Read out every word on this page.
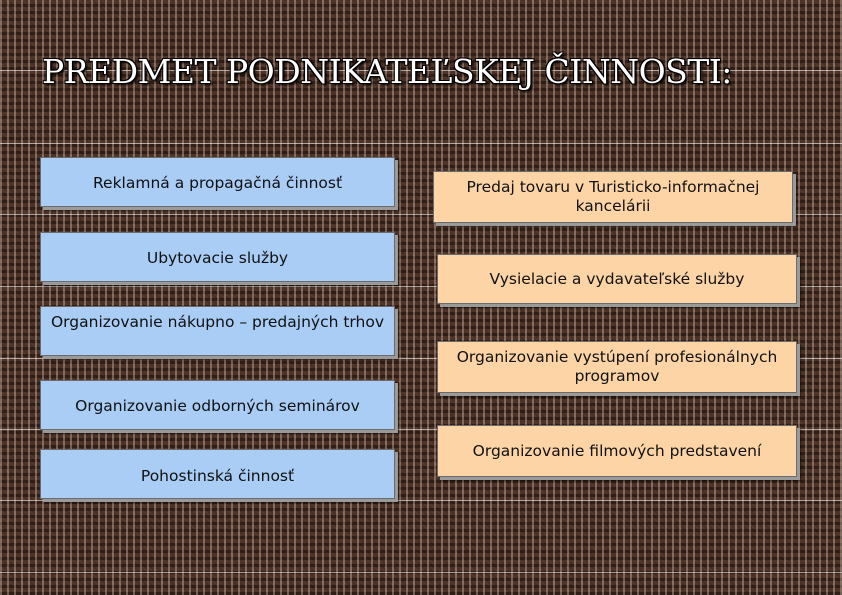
PREDMET PODNIKATEĽSKEJ ČINNOSTI:
Reklamná a propagačná činnosť
Ubytovacie služby
Organizovanie nákupno – predajných trhov
Organizovanie odborných seminárov
Pohostinská činnosť
Predaj tovaru v Turisticko-informačnej kancelárii
Vysielacie a vydavateľské služby
Organizovanie vystúpení profesionálnych programov
Organizovanie filmových predstavení
